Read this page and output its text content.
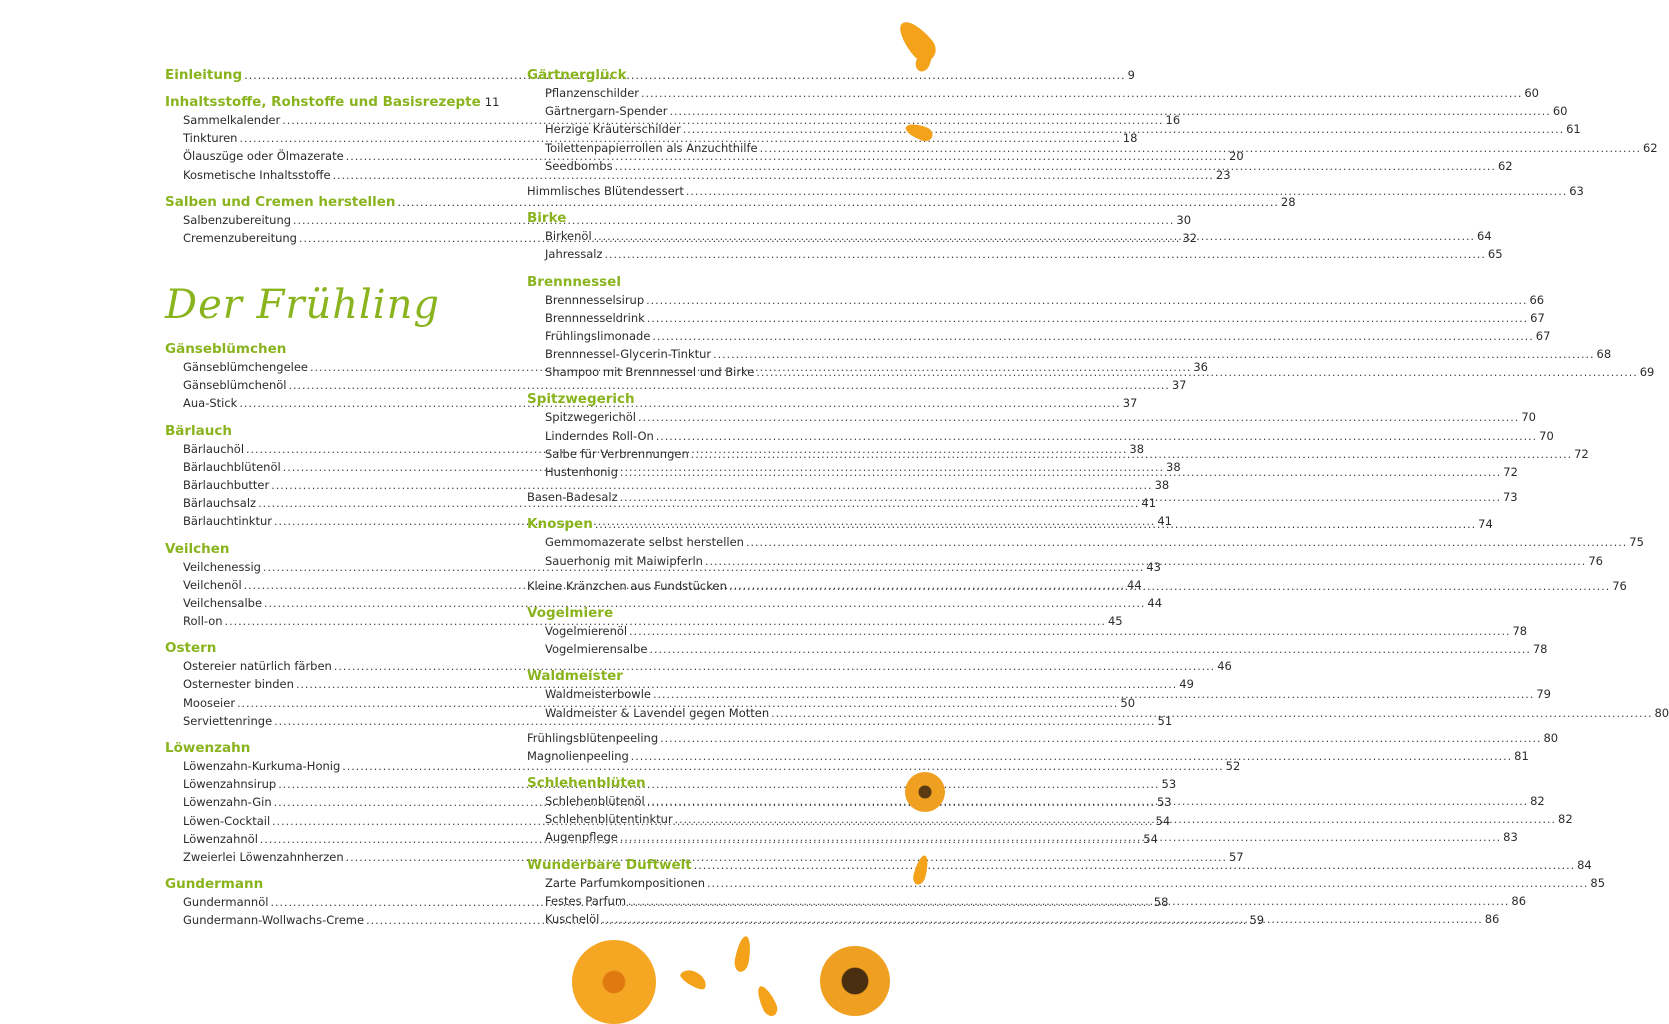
Einleitung .....	9
Inhaltsstoffe, Rohstoffe und Basisrezepte 11
Sammelkalender .....	16
Tinkturen .....	18
Ölauszüge oder Ölmazerate .....	20
Kosmetische Inhaltsstoffe .....	23
Salben und Cremen herstellen .....	28
Salbenzubereitung .....	30
Cremenzubereitung .....	32
Der Frühling
Gänseblümchen
Gänseblümchengelee .....	36
Gänseblümchenöl .....	37
Aua-Stick .....	37
Bärlauch
Bärlauchöl .....	38
Bärlauchblütenöl .....	38
Bärlauchbutter .....	38
Bärlauchsalz .....	41
Bärlauchtinktur .....	41
Veilchen
Veilchenessig .....	43
Veilchenöl .....	44
Veilchensalbe .....	44
Roll-on .....	45
Ostern
Ostereier natürlich färben .....	46
Osternester binden .....	49
Mooseier .....	50
Serviettenringe .....	51
Löwenzahn
Löwenzahn-Kurkuma-Honig .....	52
Löwenzahnsirup .....	53
Löwenzahn-Gin .....	53
Löwen-Cocktail .....	54
Löwenzahnöl .....	54
Zweierlei Löwenzahnherzen .....	57
Gundermann
Gundermannöl .....	58
Gundermann-Wollwachs-Creme .....	59
Gärtnerglück
Pflanzenschilder .....	60
Gärtnergarn-Spender .....	60
Herzige Kräuterschilder .....	61
Toilettenpapierrollen als Anzuchthilfe .....	62
Seedbombs .....	62
Himmlisches Blütendessert .....	63
Birke
Birkenöl .....	64
Jahressalz .....	65
Brennnessel
Brennnesselsirup .....	66
Brennnesseldrink .....	67
Frühlingslimonade .....	67
Brennnessel-Glycerin-Tinktur .....	68
Shampoo mit Brennnessel und Birke .....	69
Spitzwegerich
Spitzwegerichöl .....	70
Linderndes Roll-On .....	70
Salbe für Verbrennungen .....	72
Hustenhonig .....	72
Basen-Badesalz .....	73
Knospen .....	74
Gemmomazerate selbst herstellen .....	75
Sauerhonig mit Maiwipferln .....	76
Kleine Kränzchen aus Fundstücken .....	76
Vogelmiere
Vogelmierenöl .....	78
Vogelmierensalbe .....	78
Waldmeister
Waldmeisterbowle .....	79
Waldmeister & Lavendel gegen Motten .....	80
Frühlingsblütenpeeling .....	80
Magnolienpeeling .....	81
Schlehenblüten
Schlehenblütenöl .....	82
Schlehenblütentinktur .....	82
Augenpflege .....	83
Wunderbare Duftwelt .....	84
Zarte Parfumkompositionen .....	85
Festes Parfum .....	86
Kuschelöl .....	86
